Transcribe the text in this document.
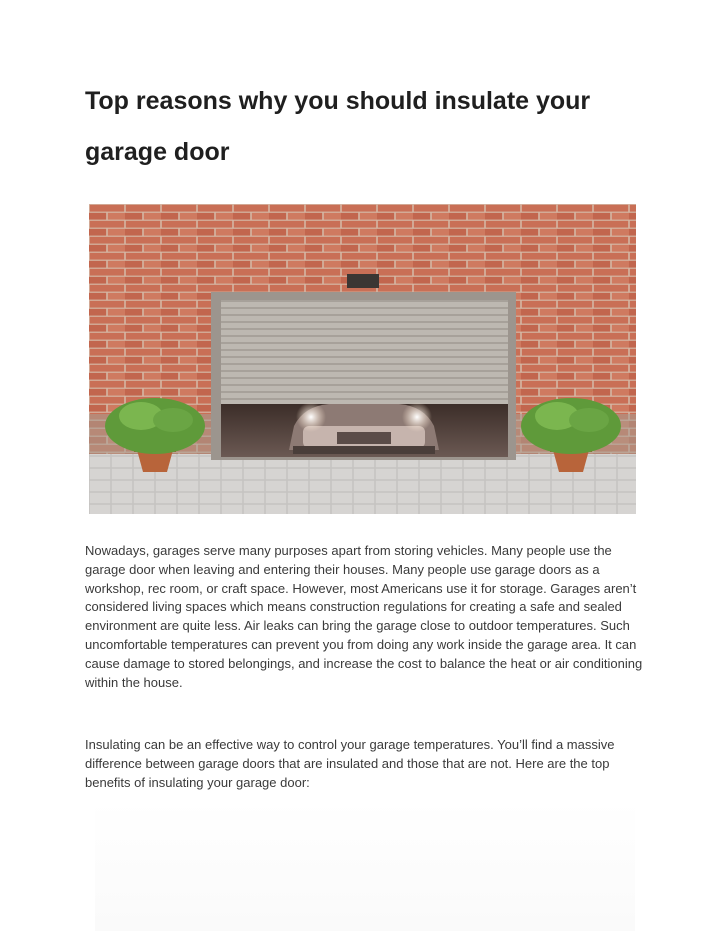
Top reasons why you should insulate your garage door

Nowadays, garages serve many purposes apart from storing vehicles. Many people use the garage door when leaving and entering their houses. Many people use garage doors as a workshop, rec room, or craft space. However, most Americans use it for storage. Garages aren’t considered living spaces which means construction regulations for creating a safe and sealed environment are quite less. Air leaks can bring the garage close to outdoor temperatures. Such uncomfortable temperatures can prevent you from doing any work inside the garage area. It can cause damage to stored belongings, and increase the cost to balance the heat or air conditioning within the house.

Insulating can be an effective way to control your garage temperatures. You’ll find a massive difference between garage doors that are insulated and those that are not. Here are the top benefits of insulating your garage door:
